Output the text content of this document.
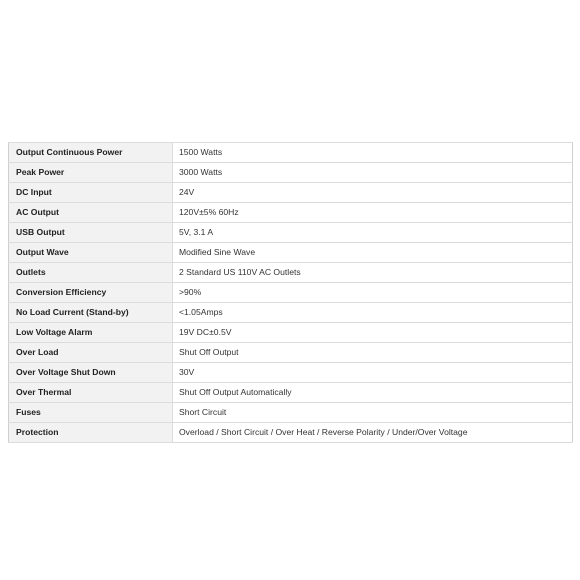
Output Continuous Power	1500 Watts
Peak Power	3000 Watts
DC Input	24V
AC Output	120V±5% 60Hz
USB Output	5V, 3.1 A
Output Wave	Modified Sine Wave
Outlets	2 Standard US 110V AC Outlets
Conversion Efficiency	>90%
No Load Current (Stand-by)	<1.05Amps
Low Voltage Alarm	19V DC±0.5V
Over Load	Shut Off Output
Over Voltage Shut Down	30V
Over Thermal	Shut Off Output Automatically
Fuses	Short Circuit
Protection	Overload / Short Circuit / Over Heat / Reverse Polarity / Under/Over Voltage
